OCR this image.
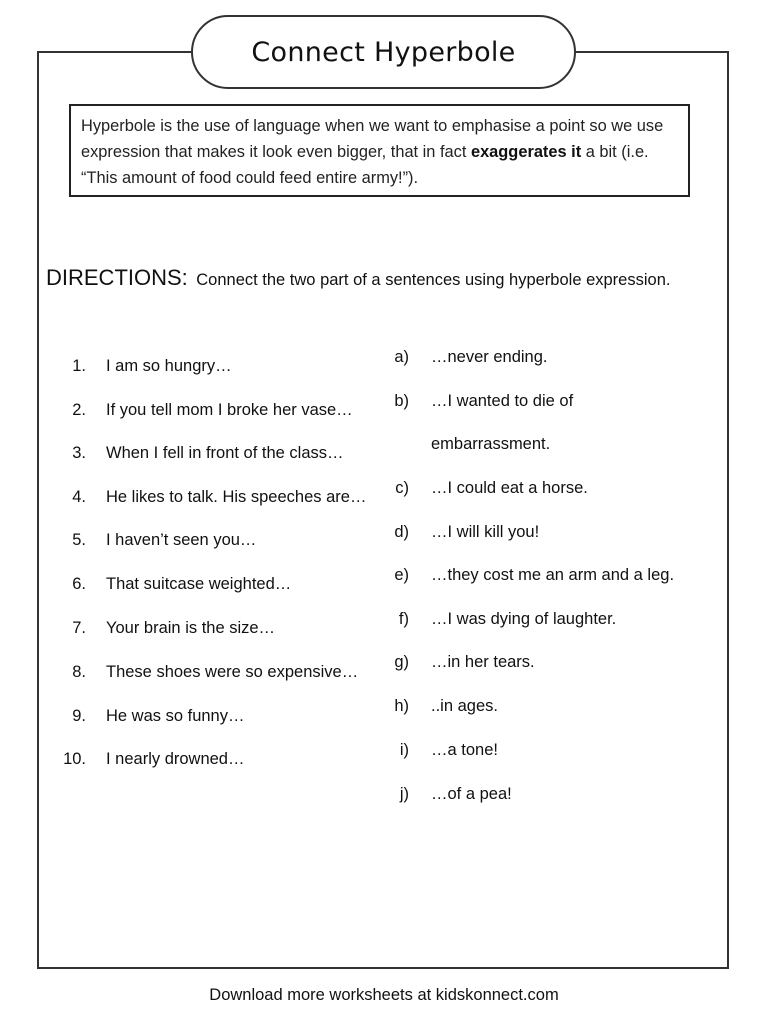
Connect Hyperbole
Hyperbole is the use of language when we want to emphasise a point so we use expression that makes it look even bigger, that in fact exaggerates it a bit (i.e. “This amount of food could feed entire army!”).
DIRECTIONS: Connect the two part of a sentences using hyperbole expression.
1. I am so hungry…
2. If you tell mom I broke her vase…
3. When I fell in front of the class…
4. He likes to talk. His speeches are…
5. I haven’t seen you…
6. That suitcase weighted…
7. Your brain is the size…
8. These shoes were so expensive…
9. He was so funny…
10. I nearly drowned…
a) …never ending.
b) …I wanted to die of
embarrassment.
c) …I could eat a horse.
d) …I will kill you!
e) …they cost me an arm and a leg.
f) …I was dying of laughter.
g) …in her tears.
h) ..in ages.
i) …a tone!
j) …of a pea!
Download more worksheets at kidskonnect.com
